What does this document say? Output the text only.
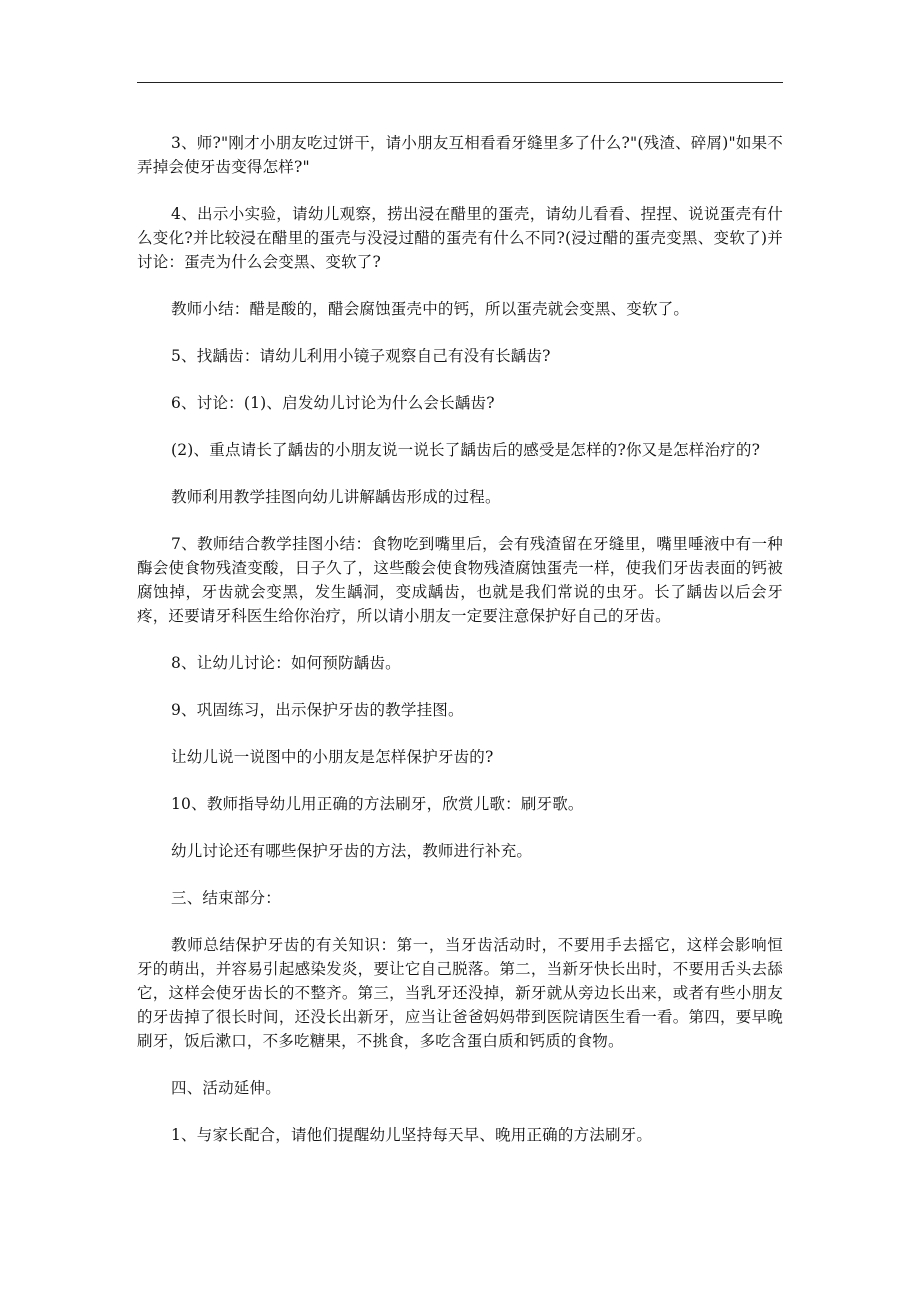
3、师?"刚才小朋友吃过饼干，请小朋友互相看看牙缝里多了什么?"(残渣、碎屑)"如果不弄掉会使牙齿变得怎样?"

4、出示小实验，请幼儿观察，捞出浸在醋里的蛋壳，请幼儿看看、捏捏、说说蛋壳有什么变化?并比较浸在醋里的蛋壳与没浸过醋的蛋壳有什么不同?(浸过醋的蛋壳变黑、变软了)并讨论：蛋壳为什么会变黑、变软了?

教师小结：醋是酸的，醋会腐蚀蛋壳中的钙，所以蛋壳就会变黑、变软了。

5、找龋齿：请幼儿利用小镜子观察自己有没有长龋齿?

6、讨论：(1)、启发幼儿讨论为什么会长龋齿?

(2)、重点请长了龋齿的小朋友说一说长了龋齿后的感受是怎样的?你又是怎样治疗的?

教师利用教学挂图向幼儿讲解龋齿形成的过程。

7、教师结合教学挂图小结：食物吃到嘴里后，会有残渣留在牙缝里，嘴里唾液中有一种酶会使食物残渣变酸，日子久了，这些酸会使食物残渣腐蚀蛋壳一样，使我们牙齿表面的钙被腐蚀掉，牙齿就会变黑，发生龋洞，变成龋齿，也就是我们常说的虫牙。长了龋齿以后会牙疼，还要请牙科医生给你治疗，所以请小朋友一定要注意保护好自己的牙齿。

8、让幼儿讨论：如何预防龋齿。

9、巩固练习，出示保护牙齿的教学挂图。

让幼儿说一说图中的小朋友是怎样保护牙齿的?

10、教师指导幼儿用正确的方法刷牙，欣赏儿歌：刷牙歌。

幼儿讨论还有哪些保护牙齿的方法，教师进行补充。

三、结束部分：

教师总结保护牙齿的有关知识：第一，当牙齿活动时，不要用手去摇它，这样会影响恒牙的萌出，并容易引起感染发炎，要让它自己脱落。第二，当新牙快长出时，不要用舌头去舔它，这样会使牙齿长的不整齐。第三，当乳牙还没掉，新牙就从旁边长出来，或者有些小朋友的牙齿掉了很长时间，还没长出新牙，应当让爸爸妈妈带到医院请医生看一看。第四，要早晚刷牙，饭后漱口，不多吃糖果，不挑食，多吃含蛋白质和钙质的食物。

四、活动延伸。

1、与家长配合，请他们提醒幼儿坚持每天早、晚用正确的方法刷牙。
